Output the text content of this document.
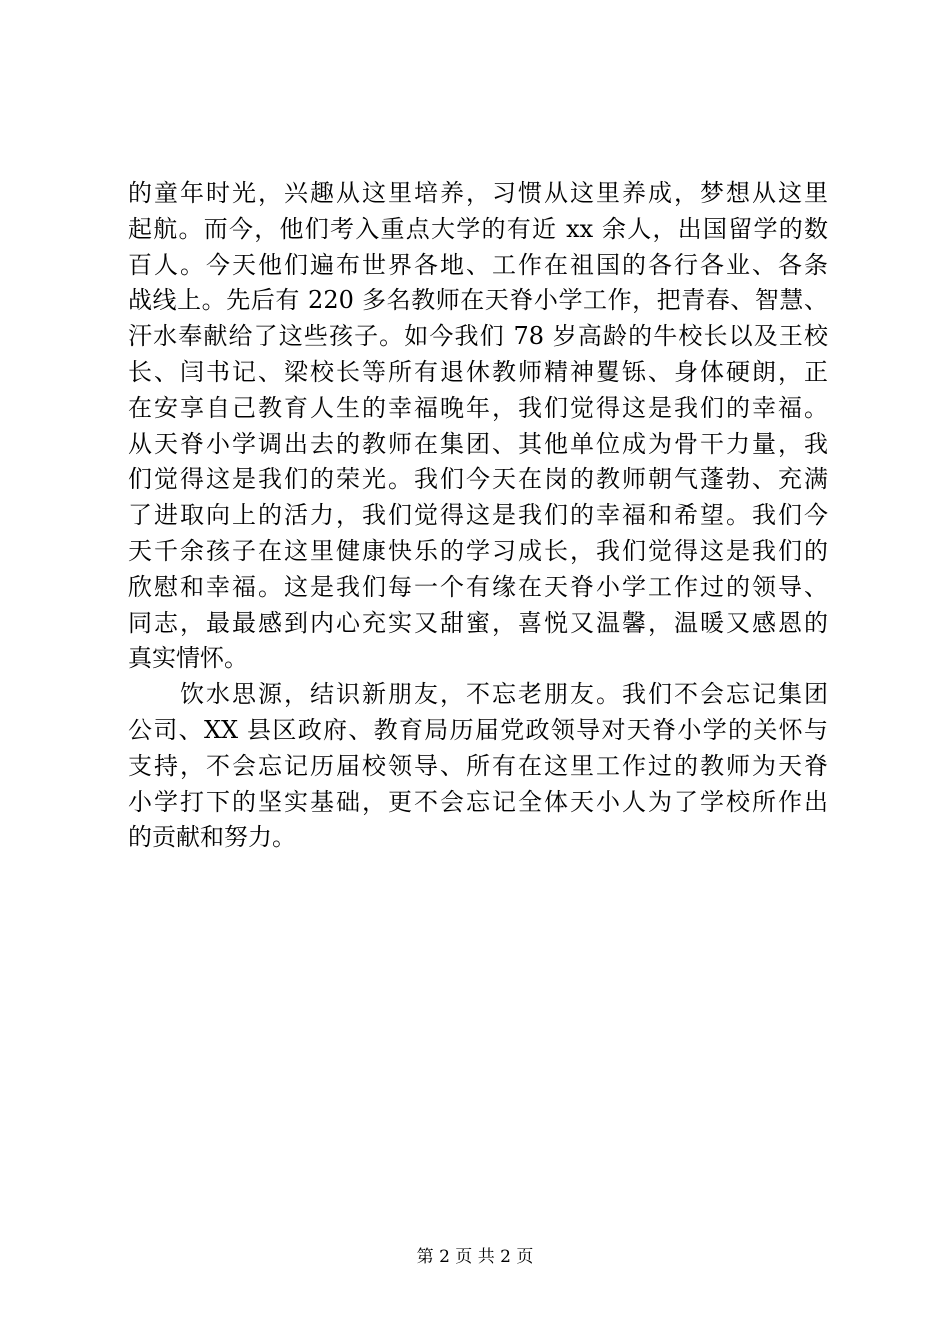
的童年时光，兴趣从这里培养，习惯从这里养成，梦想从这里
起航。而今，他们考入重点大学的有近 xx 余人，出国留学的数
百人。今天他们遍布世界各地、工作在祖国的各行各业、各条
战线上。先后有 220 多名教师在天脊小学工作，把青春、智慧、
汗水奉献给了这些孩子。如今我们 78 岁高龄的牛校长以及王校
长、闫书记、梁校长等所有退休教师精神矍铄、身体硬朗，正
在安享自己教育人生的幸福晚年，我们觉得这是我们的幸福。
从天脊小学调出去的教师在集团、其他单位成为骨干力量，我
们觉得这是我们的荣光。我们今天在岗的教师朝气蓬勃、充满
了进取向上的活力，我们觉得这是我们的幸福和希望。我们今
天千余孩子在这里健康快乐的学习成长，我们觉得这是我们的
欣慰和幸福。这是我们每一个有缘在天脊小学工作过的领导、
同志，最最感到内心充实又甜蜜，喜悦又温馨，温暖又感恩的
真实情怀。
　　饮水思源，结识新朋友，不忘老朋友。我们不会忘记集团
公司、XX 县区政府、教育局历届党政领导对天脊小学的关怀与
支持，不会忘记历届校领导、所有在这里工作过的教师为天脊
小学打下的坚实基础，更不会忘记全体天小人为了学校所作出
的贡献和努力。
第 2 页 共 2 页
